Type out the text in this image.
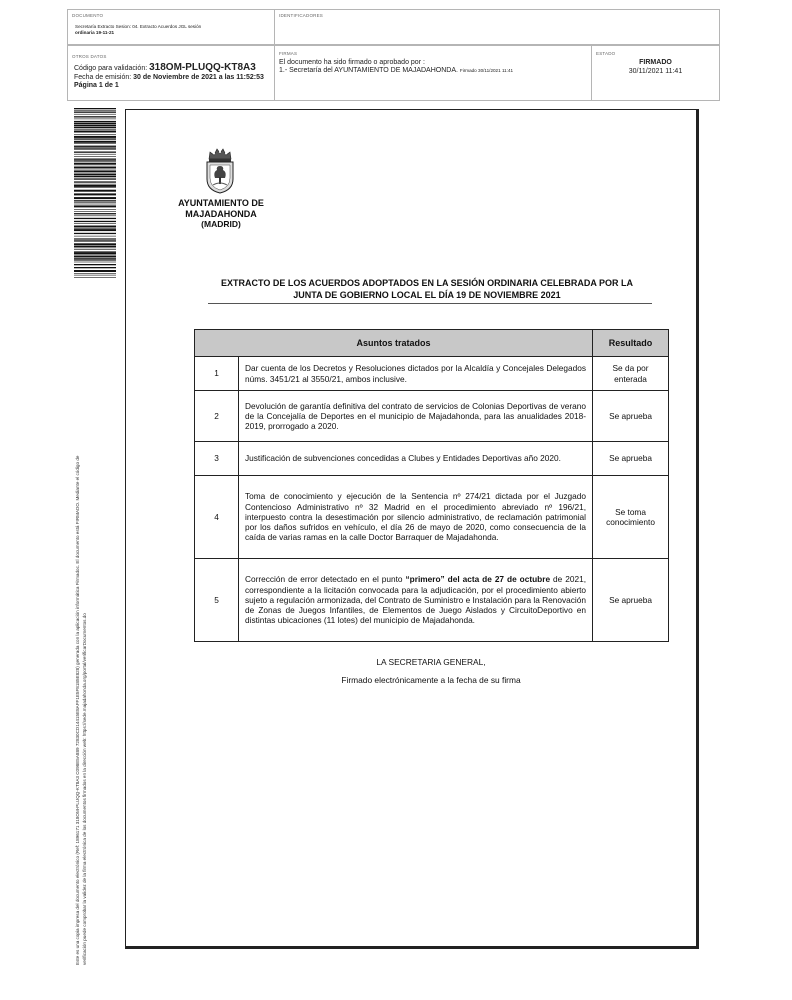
DOCUMENTO
Secretaría Extracto Sesion: 04. Extracto Acuerdos JGL sesión
ordinaria 19-11-21
IDENTIFICADORES
OTROS DATOS
Código para validación: 318OM-PLUQQ-KT8A3
Fecha de emisión: 30 de Noviembre de 2021 a las 11:52:53
Página 1 de 1
FIRMAS
El documento ha sido firmado o aprobado por :
1.- Secretaría del AYUNTAMIENTO DE MAJADAHONDA. Firmado 30/11/2021 11:41
ESTADO
FIRMADO
30/11/2021 11:41
Este es una copia impresa del documento electrónico (Ref: 1896171 318OM-PLUQQ-KT8A3 C098E5A889 72830CD14415E8AFF1E5F8185E828) generada con la aplicación informática Firmadoc. El documento está FIRMADO. Mediante el código de verificación puede comprobar la validez de la firma electrónica de los documentos firmados en la dirección web: https://sede.majadahonda.org/portal/verificarDocumentos.do
AYUNTAMIENTO DE
MAJADAHONDA
(MADRID)
EXTRACTO DE LOS ACUERDOS ADOPTADOS EN LA SESIÓN ORDINARIA CELEBRADA POR LA
JUNTA DE GOBIERNO LOCAL EL DÍA 19 DE NOVIEMBRE 2021
Asuntos tratados		Resultado
1	Dar cuenta de los Decretos y Resoluciones dictados por la Alcaldía y Concejales Delegados núms. 3451/21 al 3550/21, ambos inclusive.	Se da por enterada
2	Devolución de garantía definitiva del contrato de servicios de Colonias Deportivas de verano de la Concejalía de Deportes en el municipio de Majadahonda, para las anualidades 2018- 2019, prorrogado a 2020.	Se aprueba
3	Justificación de subvenciones concedidas a Clubes y Entidades Deportivas año 2020.	Se aprueba
4	Toma de conocimiento y ejecución de la Sentencia nº 274/21 dictada por el Juzgado Contencioso Administrativo nº 32 Madrid en el procedimiento abreviado nº 196/21, interpuesto contra la desestimación por silencio administrativo, de reclamación patrimonial por los daños sufridos en vehículo, el día 26 de mayo de 2020, como consecuencia de la caída de varias ramas en la calle Doctor Barraquer de Majadahonda.	Se toma conocimiento
5	Corrección de error detectado en el punto “primero” del acta de 27 de octubre de 2021, correspondiente a la licitación convocada para la adjudicación, por el procedimiento abierto sujeto a regulación armonizada, del Contrato de Suministro e Instalación para la Renovación de Zonas de Juegos Infantiles, de Elementos de Juego Aislados y CircuitoDeportivo en distintas ubicaciones (11 lotes) del municipio de Majadahonda.	Se aprueba
LA SECRETARIA GENERAL,
Firmado electrónicamente a la fecha de su firma
